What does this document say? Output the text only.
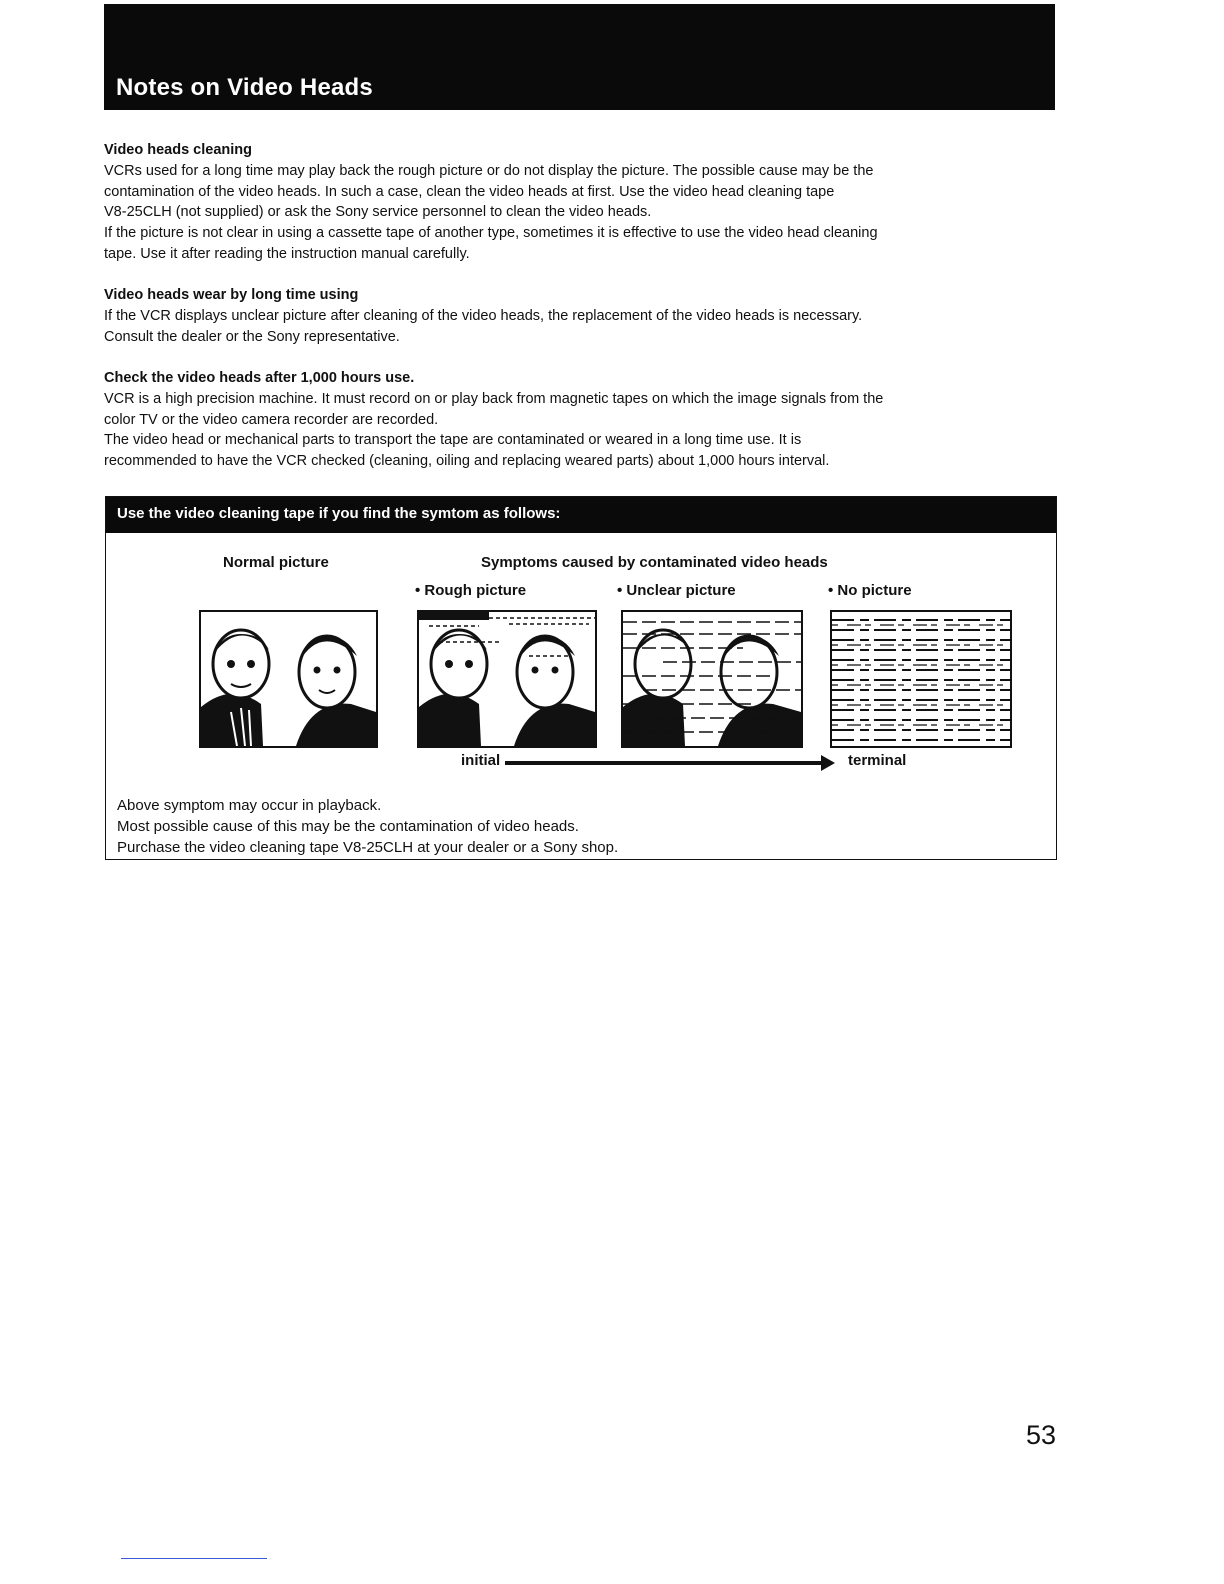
Notes on Video Heads
Video heads cleaning

VCRs used for a long time may play back the rough picture or do not display the picture. The possible cause may be the

contamination of the video heads. In such a case, clean the video heads at first. Use the video head cleaning tape

V8-25CLH (not supplied) or ask the Sony service personnel to clean the video heads.

If the picture is not clear in using a cassette tape of another type, sometimes it is effective to use the video head cleaning

tape. Use it after reading the instruction manual carefully.

Video heads wear by long time using

If the VCR displays unclear picture after cleaning of the video heads, the replacement of the video heads is necessary.

Consult the dealer or the Sony representative.

Check the video heads after 1,000 hours use.

VCR is a high precision machine. It must record on or play back from magnetic tapes on which the image signals from the

color TV or the video camera recorder are recorded.

The video head or mechanical parts to transport the tape are contaminated or weared in a long time use. It is

recommended to have the VCR checked (cleaning, oiling and replacing weared parts) about 1,000 hours interval.

Use the video cleaning tape if you find the symtom as follows:
Normal picture	Symptoms caused by contaminated video heads
• Rough picture	• Unclear picture	• No picture
initial	terminal

Above symptom may occur in playback.

Most possible cause of this may be the contamination of video heads.

Purchase the video cleaning tape V8-25CLH at your dealer or a Sony shop.

53
